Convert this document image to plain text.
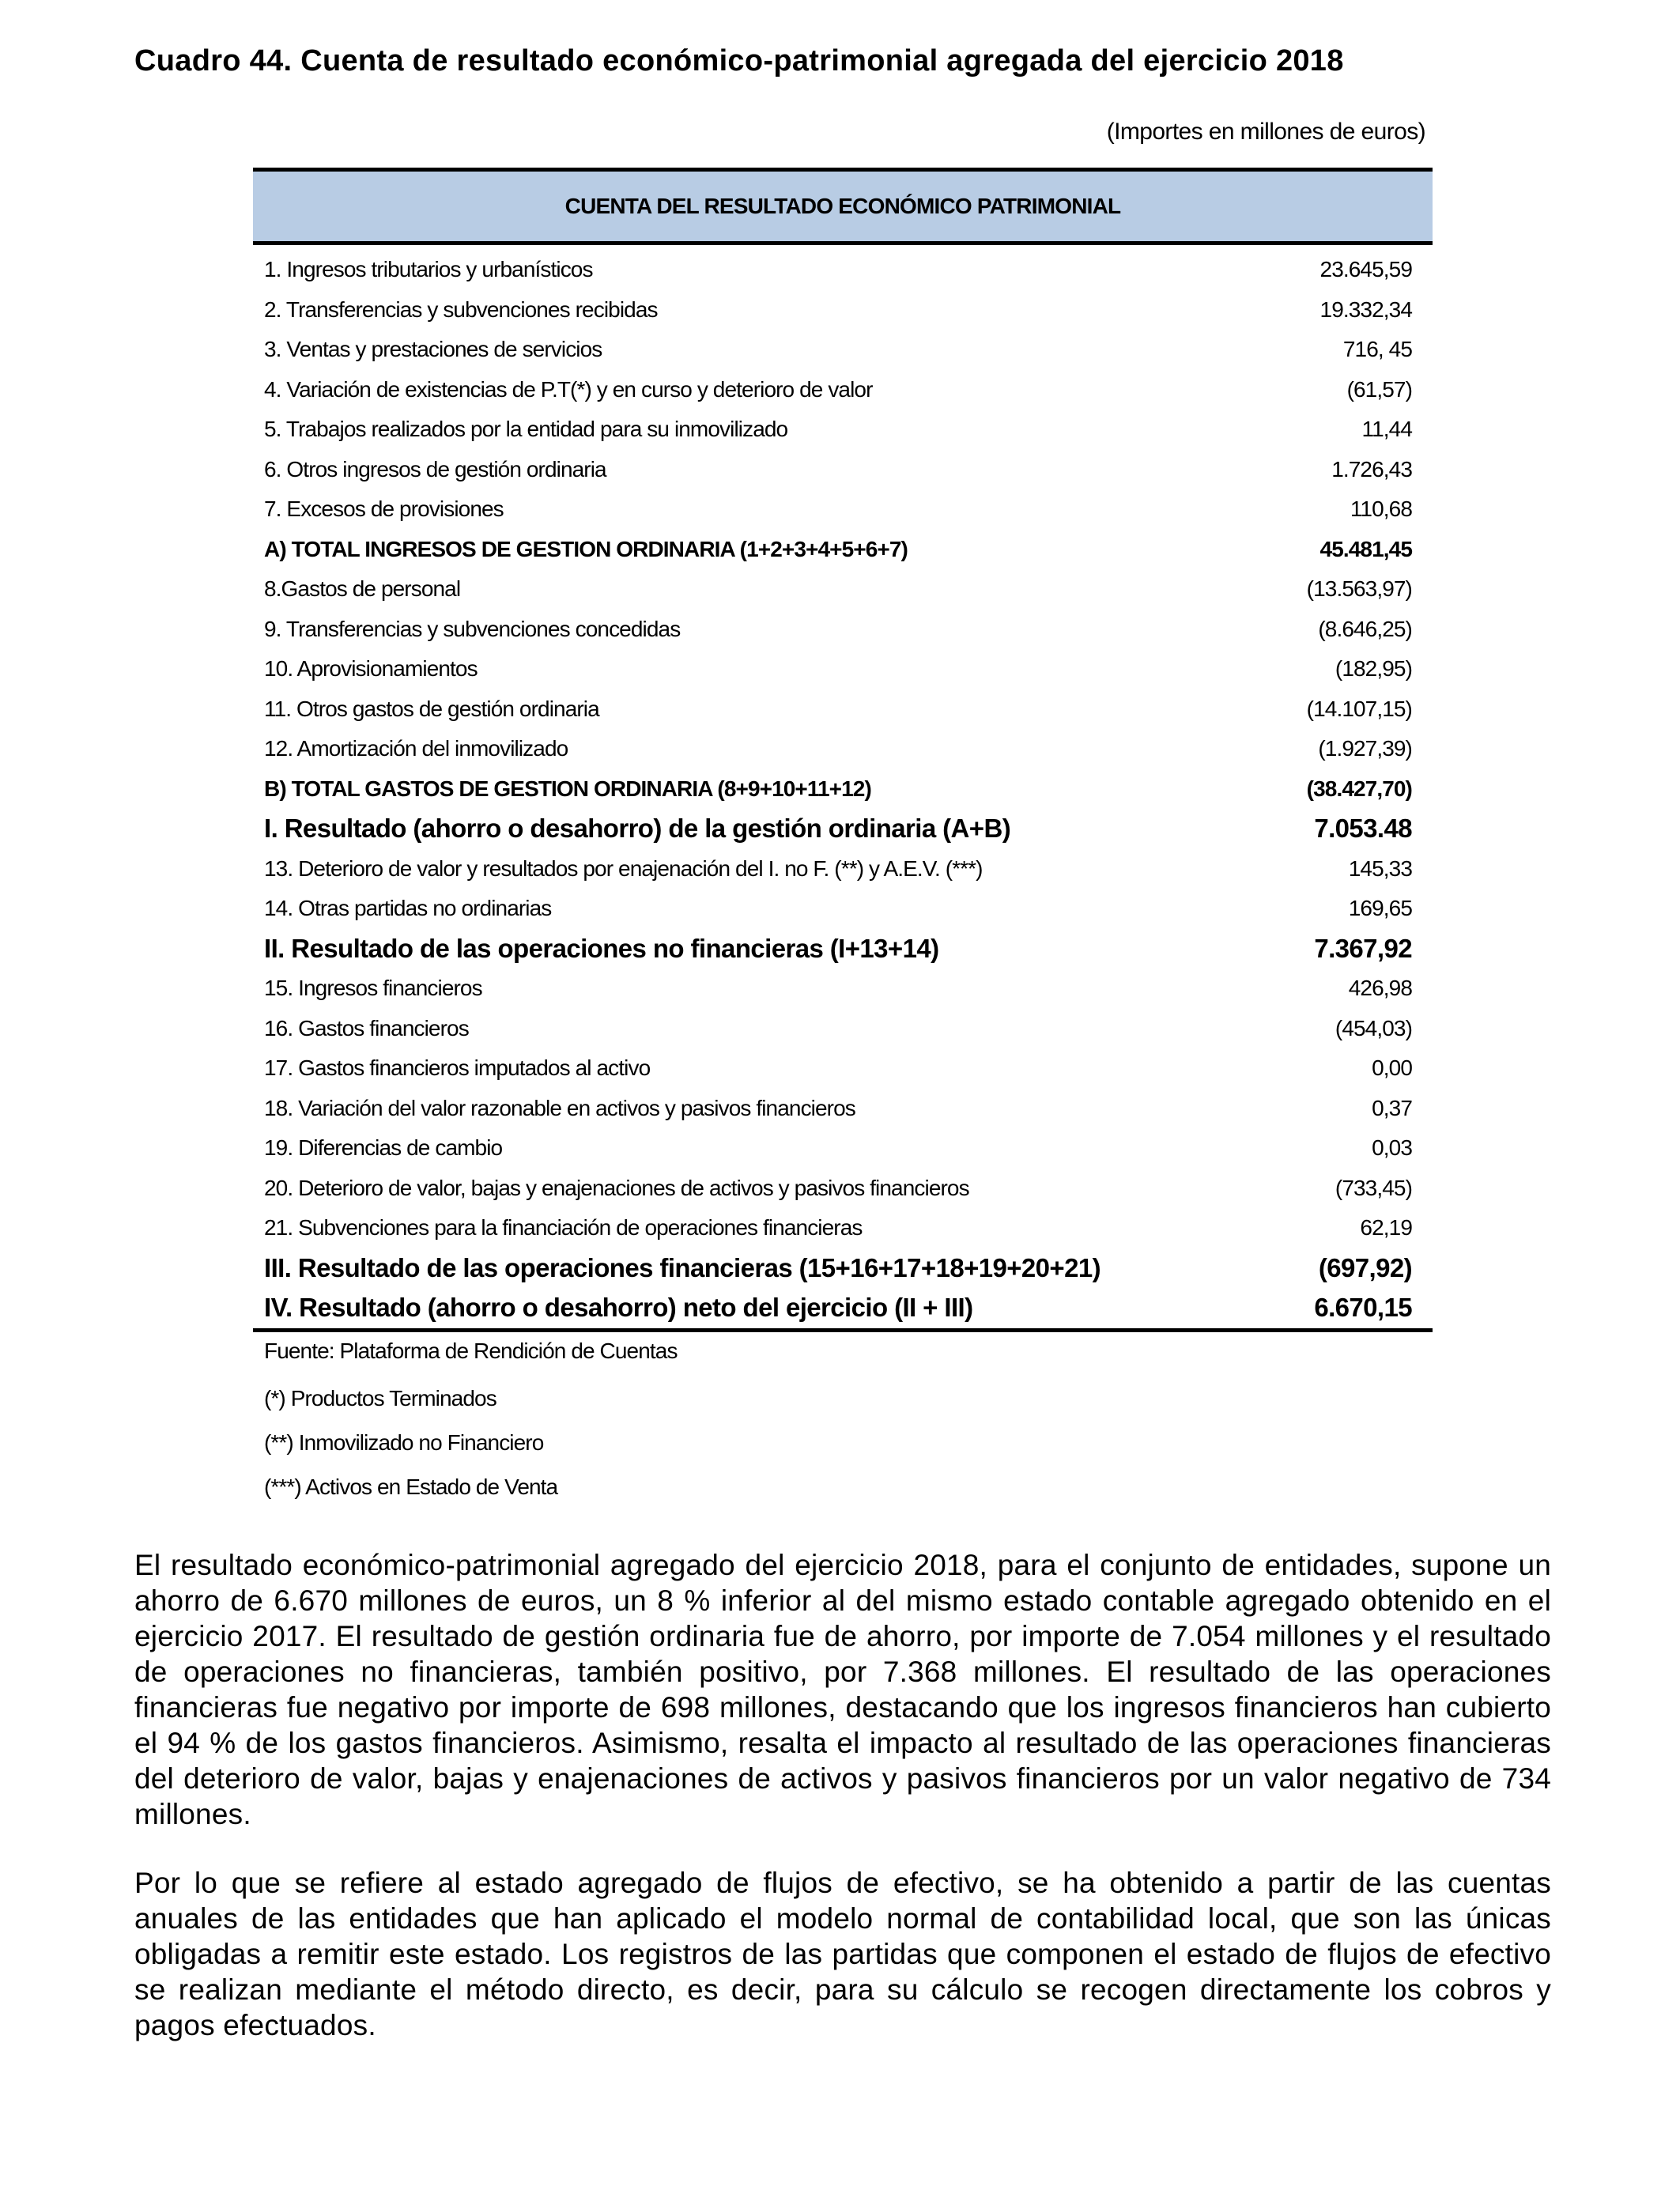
Cuadro 44. Cuenta de resultado económico-patrimonial agregada del ejercicio 2018
(Importes en millones de euros)
CUENTA DEL RESULTADO ECONÓMICO PATRIMONIAL
1. Ingresos tributarios y urbanísticos	23.645,59
2. Transferencias y subvenciones recibidas	19.332,34
3. Ventas y prestaciones de servicios	716, 45
4. Variación de existencias de P.T(*) y en curso y deterioro de valor	(61,57)
5. Trabajos realizados por la entidad para su inmovilizado	11,44
6. Otros ingresos de gestión ordinaria	1.726,43
7. Excesos de provisiones	110,68
A) TOTAL INGRESOS DE GESTION ORDINARIA (1+2+3+4+5+6+7)	45.481,45
8.Gastos de personal	(13.563,97)
9. Transferencias y subvenciones concedidas	(8.646,25)
10. Aprovisionamientos	(182,95)
11. Otros gastos de gestión ordinaria	(14.107,15)
12. Amortización del inmovilizado	(1.927,39)
B) TOTAL GASTOS DE GESTION ORDINARIA (8+9+10+11+12)	(38.427,70)
I. Resultado (ahorro o desahorro) de la gestión ordinaria (A+B)	7.053.48
13. Deterioro de valor y resultados por enajenación del I. no F. (**) y A.E.V. (***)	145,33
14. Otras partidas no ordinarias	169,65
II. Resultado de las operaciones no financieras (I+13+14)	7.367,92
15. Ingresos financieros	426,98
16. Gastos financieros	(454,03)
17. Gastos financieros imputados al activo	0,00
18. Variación del valor razonable en activos y pasivos financieros	0,37
19. Diferencias de cambio	0,03
20. Deterioro de valor, bajas y enajenaciones de activos y pasivos financieros	(733,45)
21. Subvenciones para la financiación de operaciones financieras	62,19
III. Resultado de las operaciones financieras (15+16+17+18+19+20+21)	(697,92)
IV. Resultado (ahorro o desahorro) neto del ejercicio (II + III)	6.670,15
Fuente: Plataforma de Rendición de Cuentas
(*) Productos Terminados
(**) Inmovilizado no Financiero
(***) Activos en Estado de Venta

El resultado económico-patrimonial agregado del ejercicio 2018, para el conjunto de entidades, supone un ahorro de 6.670 millones de euros, un 8 % inferior al del mismo estado contable agregado obtenido en el ejercicio 2017. El resultado de gestión ordinaria fue de ahorro, por importe de 7.054 millones y el resultado de operaciones no financieras, también positivo, por 7.368 millones. El resultado de las operaciones financieras fue negativo por importe de 698 millones, destacando que los ingresos financieros han cubierto el 94 % de los gastos financieros. Asimismo, resalta el impacto al resultado de las operaciones financieras del deterioro de valor, bajas y enajenaciones de activos y pasivos financieros por un valor negativo de 734 millones.

Por lo que se refiere al estado agregado de flujos de efectivo, se ha obtenido a partir de las cuentas anuales de las entidades que han aplicado el modelo normal de contabilidad local, que son las únicas obligadas a remitir este estado. Los registros de las partidas que componen el estado de flujos de efectivo se realizan mediante el método directo, es decir, para su cálculo se recogen directamente los cobros y pagos efectuados.
